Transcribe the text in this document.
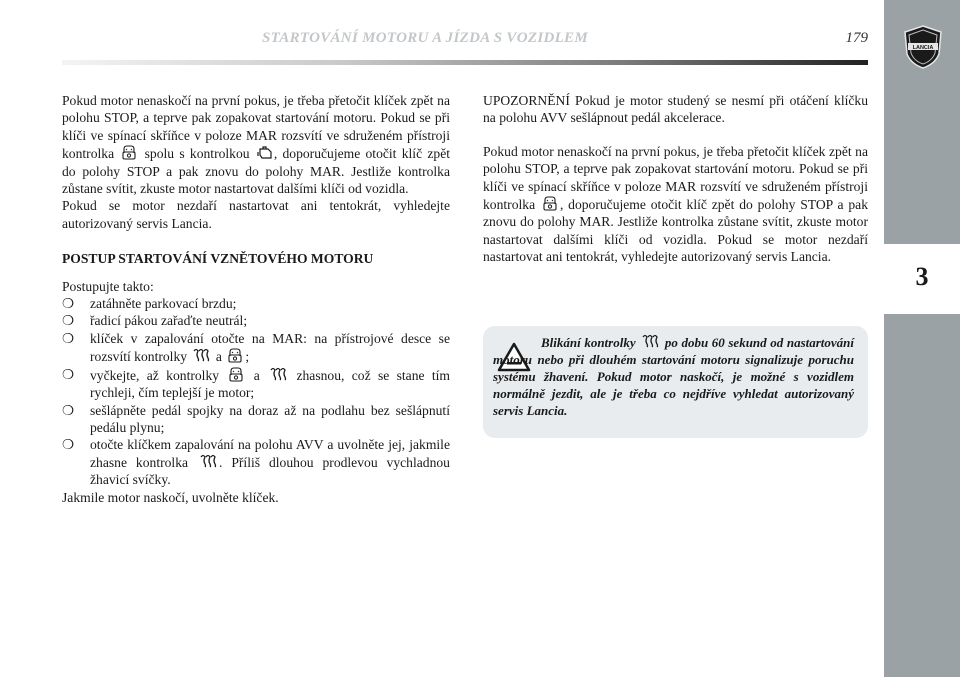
STARTOVÁNÍ MOTORU A JÍZDA S VOZIDLEM	179
LANCIA
3

Pokud motor nenaskočí na první pokus, je třeba přetočit klíček zpět na polohu STOP, a teprve pak zopakovat startování motoru. Pokud se při klíči ve spínací skříňce v poloze MAR rozsvítí ve sdruženém přístroji kontrolka spolu s kontrolkou , doporučujeme otočit klíč zpět do polohy STOP a pak znovu do polohy MAR. Jestliže kontrolka zůstane svítit, zkuste motor nastartovat dalšími klíči od vozidla.

Pokud se motor nezdaří nastartovat ani tentokrát, vyhledejte autorizovaný servis Lancia.

POSTUP STARTOVÁNÍ VZNĚTOVÉHO MOTORU

Postupujte takto:

❍ zatáhněte parkovací brzdu;
❍ řadicí pákou zařaďte neutrál;
❍ klíček v zapalování otočte na MAR: na přístrojové desce se rozsvítí kontrolky a ;
❍ vyčkejte, až kontrolky	a	zhasnou, což se stane tím rychleji, čím teplejší je motor;
❍ sešlápněte pedál spojky na doraz až na podlahu bez sešlápnutí pedálu plynu;
❍ otočte klíčkem zapalování na polohu AVV a uvolněte jej, jakmile zhasne kontrolka . Příliš dlouhou prodlevou vychladnou žhavicí svíčky.

Jakmile motor naskočí, uvolněte klíček.

UPOZORNĚNÍ Pokud je motor studený se nesmí při otáčení klíčku na polohu AVV sešlápnout pedál akcelerace.

Pokud motor nenaskočí na první pokus, je třeba přetočit klíček zpět na polohu STOP, a teprve pak zopakovat startování motoru. Pokud se při klíči ve spínací skříňce v poloze MAR rozsvítí ve sdruženém přístroji kontrolka , doporučujeme otočit klíč zpět do polohy STOP a pak znovu do polohy MAR. Jestliže kontrolka zůstane svítit, zkuste motor nastartovat dalšími klíči od vozidla. Pokud se motor nezdaří nastartovat ani tentokrát, vyhledejte autorizovaný servis Lancia.

Blikání kontrolky po dobu 60 sekund od nastartování motoru nebo při dlouhém startování motoru signalizuje poruchu systému žhavení. Pokud motor naskočí, je možné s vozidlem normálně jezdit, ale je třeba co nejdříve vyhledat autorizovaný servis Lancia.
